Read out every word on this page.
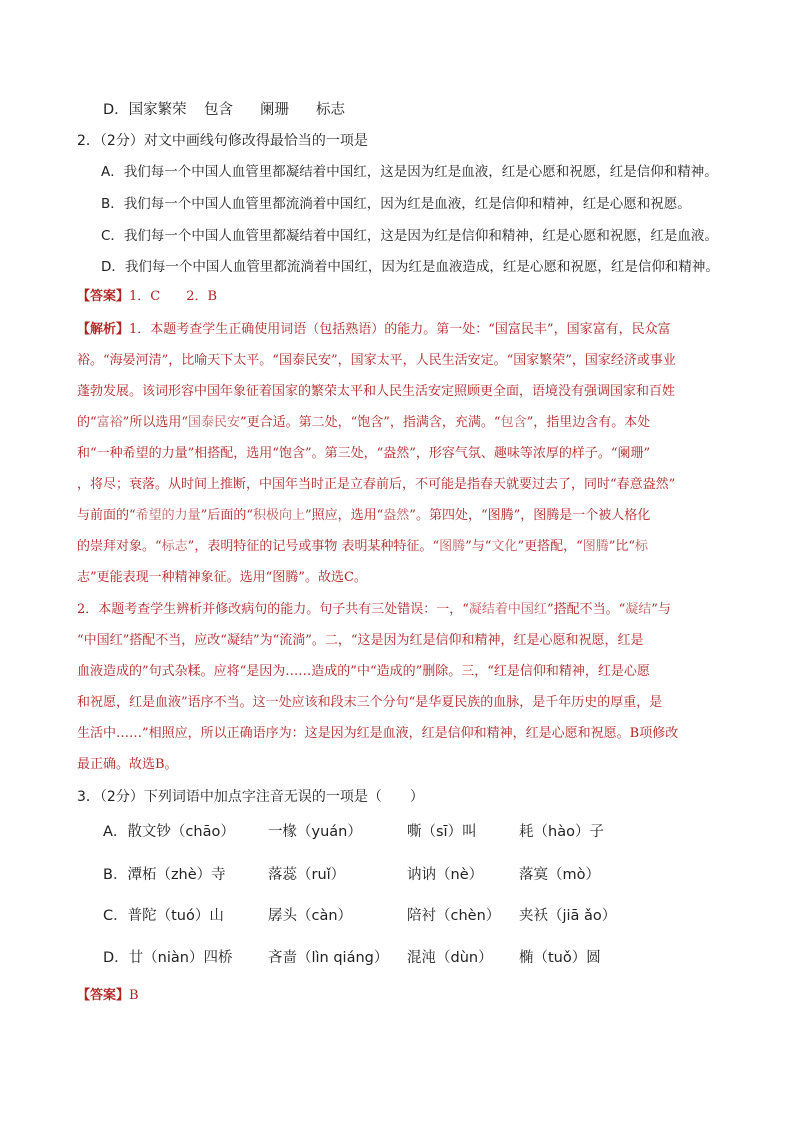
D．国家繁荣 包含 阑珊 标志
2．（2分）对文中画线句修改得最恰当的一项是
A．我们每一个中国人血管里都凝结着中国红，这是因为红是血液，红是心愿和祝愿，红是信仰和精神。
B．我们每一个中国人血管里都流淌着中国红，因为红是血液，红是信仰和精神，红是心愿和祝愿。
C．我们每一个中国人血管里都凝结着中国红，这是因为红是信仰和精神，红是心愿和祝愿，红是血液。
D．我们每一个中国人血管里都流淌着中国红，因为红是血液造成，红是心愿和祝愿，红是信仰和精神。
【答案】1．C　　2．B
【解析】1．本题考查学生正确使用词语（包括熟语）的能力。第一处：“国富民丰”，国家富有，民众富
裕。“海晏河清”，比喻天下太平。“国泰民安”，国家太平，人民生活安定。“国家繁荣”，国家经济或事业
蓬勃发展。该词形容中国年象征着国家的繁荣太平和人民生活安定照顾更全面，语境没有强调国家和百姓
的“富裕”所以选用“国泰民安”更合适。第二处，“饱含”，指满含，充满。“包含”，指里边含有。本处
和“一种希望的力量”相搭配，选用“饱含”。第三处，“盎然”，形容气氛、趣味等浓厚的样子。“阑珊”
，将尽；衰落。从时间上推断，中国年当时正是立春前后，不可能是指春天就要过去了，同时“春意盎然”
与前面的“希望的力量”后面的“积极向上”照应，选用“盎然”。第四处，“图腾”，图腾是一个被人格化
的崇拜对象。“标志”，表明特征的记号或事物 表明某种特征。“图腾”与“文化”更搭配，“图腾”比“标
志”更能表现一种精神象征。选用“图腾”。故选C。
2．本题考查学生辨析并修改病句的能力。句子共有三处错误：一，“凝结着中国红”搭配不当。“凝结”与
“中国红”搭配不当，应改“凝结”为“流淌”。二，“这是因为红是信仰和精神，红是心愿和祝愿，红是
血液造成的”句式杂糅。应将“是因为……造成的”中“造成的”删除。三，“红是信仰和精神，红是心愿
和祝愿，红是血液”语序不当。这一处应该和段末三个分句“是华夏民族的血脉，是千年历史的厚重，是
生活中……”相照应，所以正确语序为：这是因为红是血液，红是信仰和精神，红是心愿和祝愿。B项修改
最正确。故选B。
3．（2分）下列词语中加点字注音无误的一项是（　　）
A．散文钞（chāo） 一椽（yuán）	嘶（sī）叫	耗（hào）子
B．潭柘（zhè）寺	落蕊（ruǐ）	讷讷（nè） 落寞（mò）
C．普陀（tuó）山	孱头（càn）	陪衬（chèn） 夹袄（jiā ǎo）
D．廿（niàn）四桥 吝啬（lìn qiáng） 混沌（dùn） 椭（tuǒ）圆
【答案】B
